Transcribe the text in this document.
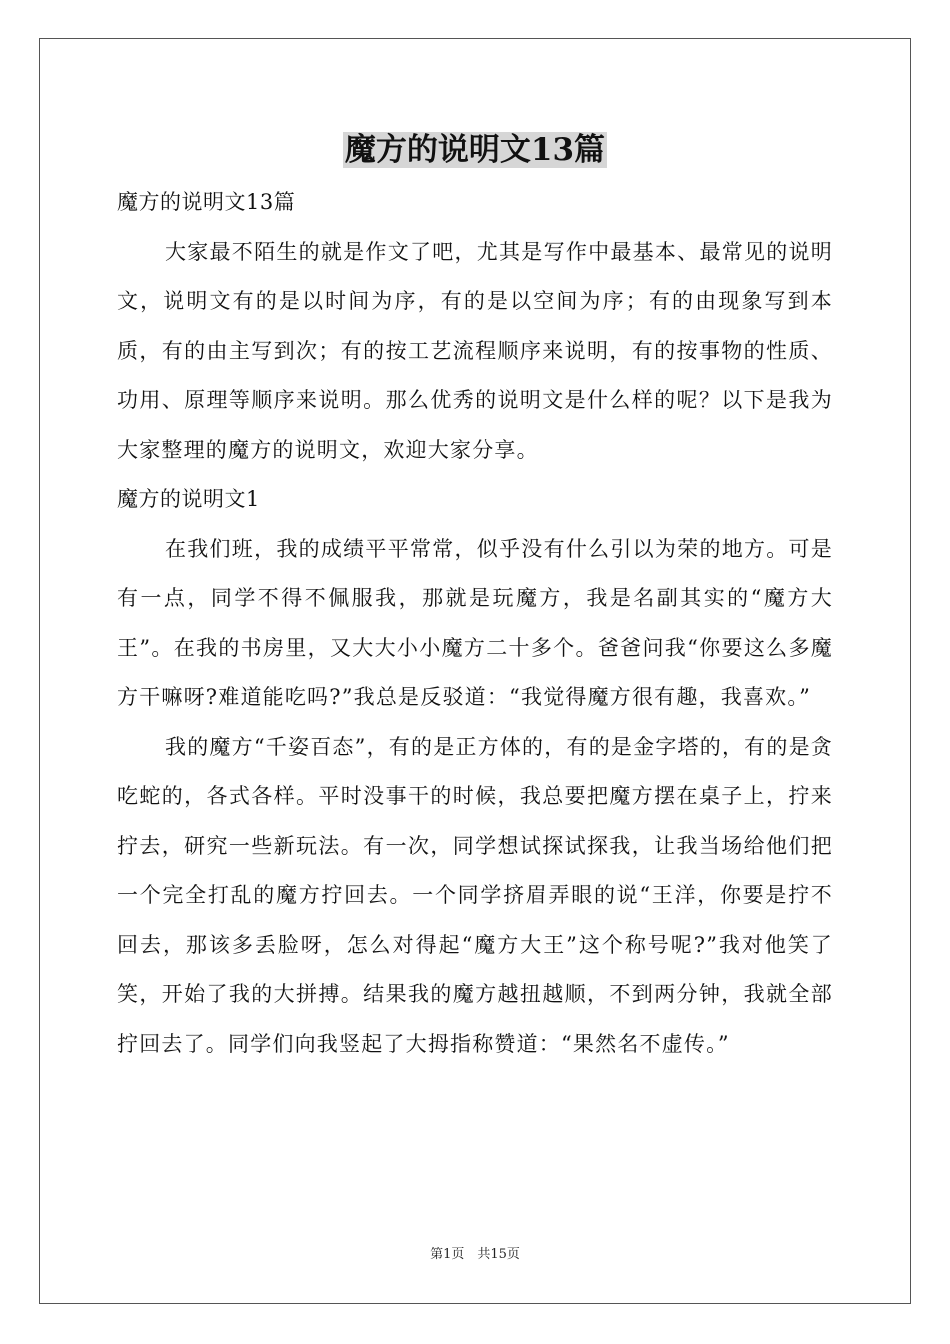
魔方的说明文13篇

魔方的说明文13篇

大家最不陌生的就是作文了吧，尤其是写作中最基本、最常见的说明文，说明文有的是以时间为序，有的是以空间为序；有的由现象写到本质，有的由主写到次；有的按工艺流程顺序来说明，有的按事物的性质、功用、原理等顺序来说明。那么优秀的说明文是什么样的呢？以下是我为大家整理的魔方的说明文，欢迎大家分享。

魔方的说明文1

在我们班，我的成绩平平常常，似乎没有什么引以为荣的地方。可是有一点，同学不得不佩服我，那就是玩魔方，我是名副其实的“魔方大王”。在我的书房里，又大大小小魔方二十多个。爸爸问我“你要这么多魔方干嘛呀?难道能吃吗?”我总是反驳道：“我觉得魔方很有趣，我喜欢。”

我的魔方“千姿百态”，有的是正方体的，有的是金字塔的，有的是贪吃蛇的，各式各样。平时没事干的时候，我总要把魔方摆在桌子上，拧来拧去，研究一些新玩法。有一次，同学想试探试探我，让我当场给他们把一个完全打乱的魔方拧回去。一个同学挤眉弄眼的说“王洋，你要是拧不回去，那该多丢脸呀，怎么对得起“魔方大王”这个称号呢?”我对他笑了笑，开始了我的大拼搏。结果我的魔方越扭越顺，不到两分钟，我就全部拧回去了。同学们向我竖起了大拇指称赞道：“果然名不虚传。”

第1页　共15页
